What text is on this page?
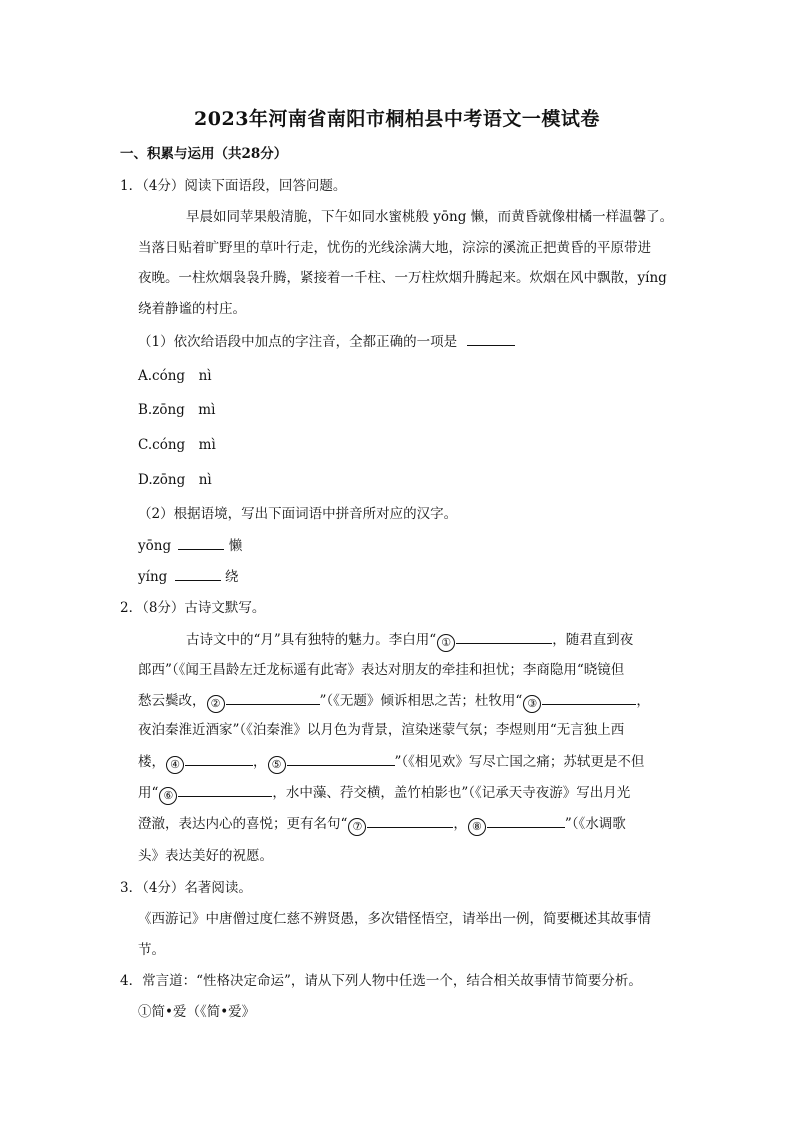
2023年河南省南阳市桐柏县中考语文一模试卷
一、积累与运用（共28分）
1．（4分）阅读下面语段，回答问题。
早晨如同苹果般清脆，下午如同水蜜桃般 yōng 懒，而黄昏就像柑橘一样温馨了。
当落日贴着旷野里的草叶行走，忧伤的光线涂满大地，淙淙的溪流正把黄昏的平原带进
夜晚。一柱炊烟袅袅升腾，紧接着一千柱、一万柱炊烟升腾起来。炊烟在风中飘散，yíng
绕着静谧的村庄。
（1）依次给语段中加点的字注音，全都正确的一项是
A.cóng　nì
B.zōng　mì
C.cóng　mì
D.zōng　nì
（2）根据语境，写出下面词语中拼音所对应的汉字。
yōng	懒
yíng	绕
2．（8分）古诗文默写。
古诗文中的“月”具有独特的魅力。李白用“ ①	，随君直到夜
郎西”（《闻王昌龄左迁龙标遥有此寄》表达对朋友的牵挂和担忧；李商隐用“晓镜但
愁云鬓改， ②	”（《无题》倾诉相思之苦；杜牧用“ ③	，
夜泊秦淮近酒家”（《泊秦淮》以月色为背景，渲染迷蒙气氛；李煜则用“无言独上西
楼， ④	， ⑤	”（《相见欢》写尽亡国之痛；苏轼更是不但
用“ ⑥	，水中藻、荇交横，盖竹柏影也”（《记承天寺夜游》写出月光
澄澈，表达内心的喜悦；更有名句“ ⑦	， ⑧	”（《水调歌
头》表达美好的祝愿。
3．（4分）名著阅读。
《西游记》中唐僧过度仁慈不辨贤愚，多次错怪悟空，请举出一例，简要概述其故事情
节。
4．常言道：“性格决定命运”，请从下列人物中任选一个，结合相关故事情节简要分析。
①简•爱（《简•爱》
